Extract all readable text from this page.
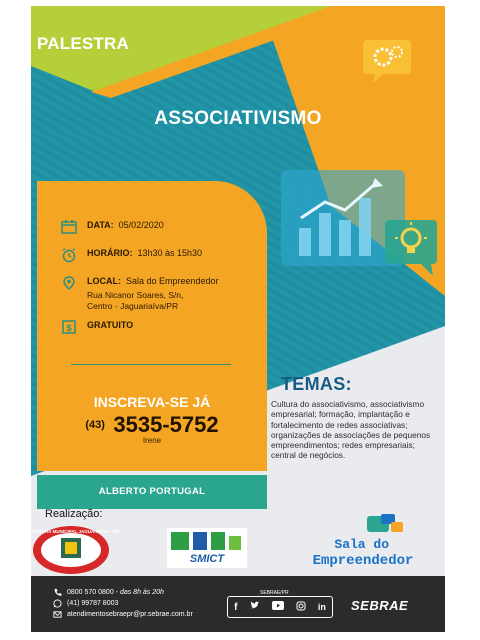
PALESTRA
ASSOCIATIVISMO
DATA: 05/02/2020
HORÁRIO: 13h30 às 15h30
LOCAL: Sala do Empreendedor
Rua Nicanor Soares, S/n,
Centro - Jaguariaíva/PR
$ GRATUITO
INSCREVA-SE JÁ
$^{(43)}$ 3535-5752
Irene
ALBERTO PORTUGAL
TEMAS:
Cultura do associativismo, associativismo empresarial; formação, implantação e fortalecimento de redes associativas; organizações de associações de pequenos empreendimentos; redes empresariais; central de negócios.
Realização:
PREFEITURA MUNICIPAL JAGUARIAIVA - PR
SMICT
Sala do
Empreendedor
0800 570 0800
- das 8h às 20h
(41) 99787 8003
atendimentosebraepr@pr.sebrae.com.br
f	in
SEBRAE/PR
SEBRAE
